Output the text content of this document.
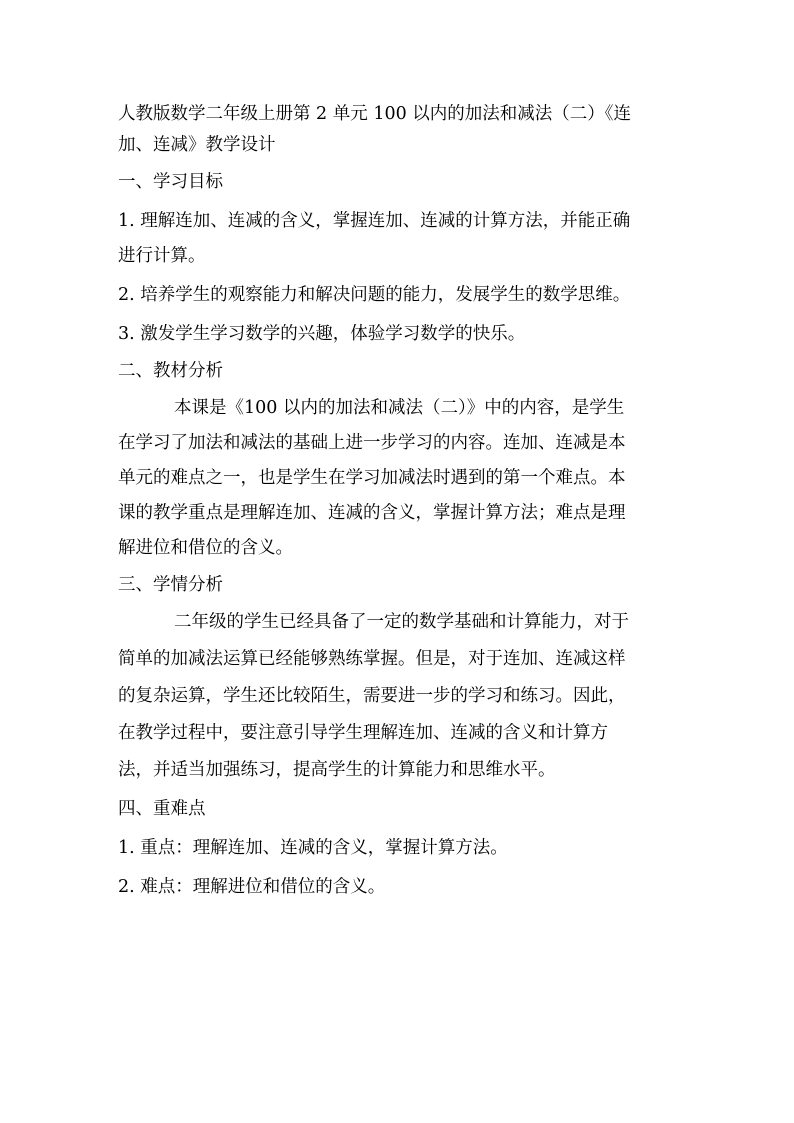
人教版数学二年级上册第 2 单元 100 以内的加法和减法（二）《连

加、连减》教学设计

一、学习目标

1. 理解连加、连减的含义，掌握连加、连减的计算方法，并能正确

进行计算。

2. 培养学生的观察能力和解决问题的能力，发展学生的数学思维。

3. 激发学生学习数学的兴趣，体验学习数学的快乐。

二、教材分析

本课是《100 以内的加法和减法（二）》中的内容，是学生

在学习了加法和减法的基础上进一步学习的内容。连加、连减是本

单元的难点之一，也是学生在学习加减法时遇到的第一个难点。本

课的教学重点是理解连加、连减的含义，掌握计算方法；难点是理

解进位和借位的含义。

三、学情分析

二年级的学生已经具备了一定的数学基础和计算能力，对于

简单的加减法运算已经能够熟练掌握。但是，对于连加、连减这样

的复杂运算，学生还比较陌生，需要进一步的学习和练习。因此，

在教学过程中，要注意引导学生理解连加、连减的含义和计算方

法，并适当加强练习，提高学生的计算能力和思维水平。

四、重难点

1. 重点：理解连加、连减的含义，掌握计算方法。

2. 难点：理解进位和借位的含义。
